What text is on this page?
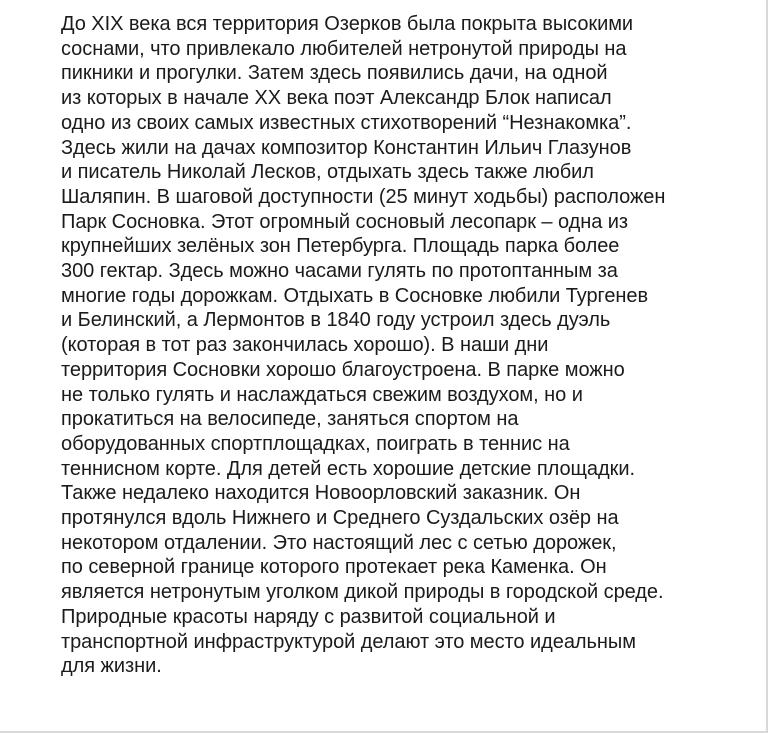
До XIX века вся территория Озерков была покрыта высокими
соснами, что привлекало любителей нетронутой природы на
пикники и прогулки. Затем здесь появились дачи, на одной
из которых в начале XX века поэт Александр Блок написал
одно из своих самых известных стихотворений “Незнакомка”.
Здесь жили на дачах композитор Константин Ильич Глазунов
и писатель Николай Лесков, отдыхать здесь также любил
Шаляпин. В шаговой доступности (25 минут ходьбы) расположен
Парк Сосновка. Этот огромный сосновый лесопарк – одна из
крупнейших зелёных зон Петербурга. Площадь парка более
300 гектар. Здесь можно часами гулять по протоптанным за
многие годы дорожкам. Отдыхать в Сосновке любили Тургенев
и Белинский, а Лермонтов в 1840 году устроил здесь дуэль
(которая в тот раз закончилась хорошо). В наши дни
территория Сосновки хорошо благоустроена. В парке можно
не только гулять и наслаждаться свежим воздухом, но и
прокатиться на велосипеде, заняться спортом на
оборудованных спортплощадках, поиграть в теннис на
теннисном корте. Для детей есть хорошие детские площадки.
Также недалеко находится Новоорловский заказник. Он
протянулся вдоль Нижнего и Среднего Суздальских озёр на
некотором отдалении. Это настоящий лес с сетью дорожек,
по северной границе которого протекает река Каменка. Он
является нетронутым уголком дикой природы в городской среде.
Природные красоты наряду с развитой социальной и
транспортной инфраструктурой делают это место идеальным
для жизни.
